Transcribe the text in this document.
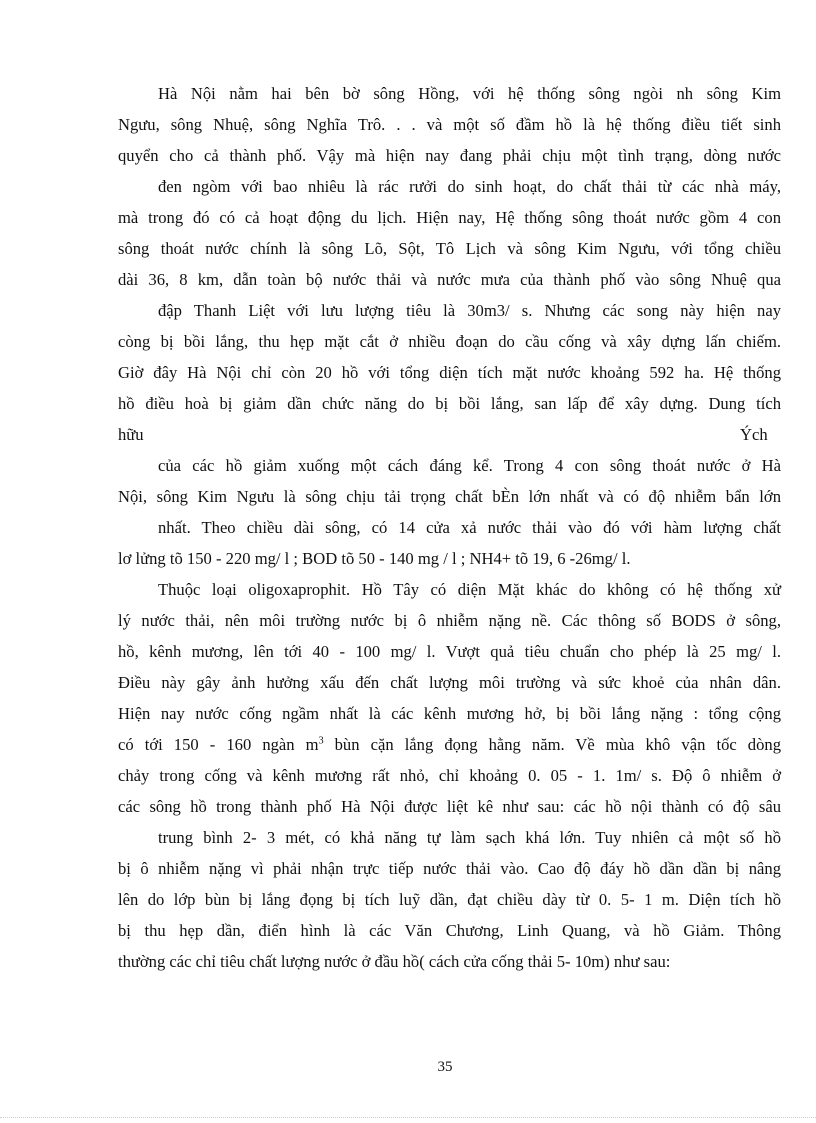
Hà Nội nằm hai bên bờ sông Hồng, với hệ thống sông ngòi nh sông Kim
Ngưu, sông Nhuệ, sông Nghĩa Trô. . . và một số đầm hồ là hệ thống điều tiết sinh
quyển cho cả thành phố. Vậy mà hiện nay đang phải chịu một tình trạng, dòng nước
đen ngòm với bao nhiêu là rác rưởi do sinh hoạt, do chất thải từ các nhà máy,
mà trong đó có cả hoạt động du lịch. Hiện nay, Hệ thống sông thoát nước gồm 4 con
sông thoát nước chính là sông Lõ, Sột, Tô Lịch và sông Kim Ngưu, với tổng chiều
dài 36, 8 km, dẫn toàn bộ nước thải và nước mưa của thành phố vào sông Nhuệ qua
đập Thanh Liệt với lưu lượng tiêu là 30m3/ s. Nhưng các song này hiện nay
còng bị bồi lắng, thu hẹp mặt cắt ở nhiều đoạn do cầu cống và xây dựng lấn chiếm.
Giờ đây Hà Nội chỉ còn 20 hồ với tổng diện tích mặt nước khoảng 592 ha. Hệ thống
hồ điều hoà bị giảm dần chức năng do bị bồi lắng, san lấp để xây dựng. Dung tích
hữu	Ých
của các hồ giảm xuống một cách đáng kể. Trong 4 con sông thoát nước ở Hà
Nội, sông Kim Ngưu là sông chịu tải trọng chất bÈn lớn nhất và có độ nhiễm bẩn lớn
nhất. Theo chiều dài sông, có 14 cửa xả nước thải vào đó với hàm lượng chất
lơ lửng tõ 150 - 220 mg/ l ; BOD tõ 50 - 140 mg / l ; NH4+ tõ 19, 6 -26mg/ l.
Thuộc loại oligoxaprophit. Hồ Tây có diện Mặt khác do không có hệ thống xử
lý nước thải, nên môi trường nước bị ô nhiễm nặng nề. Các thông số BODS ở sông,
hồ, kênh mương, lên tới 40 - 100 mg/ l. Vượt quả tiêu chuẩn cho phép là 25 mg/ l.
Điều này gây ảnh hưởng xấu đến chất lượng môi trường và sức khoẻ của nhân dân.
Hiện nay nước cống ngầm nhất là các kênh mương hở, bị bồi lắng nặng : tổng cộng
có tới 150 - 160 ngàn $m^3$ bùn cặn lắng đọng hằng năm. Về mùa khô vận tốc dòng
chảy trong cống và kênh mương rất nhỏ, chỉ khoảng 0. 05 - 1. 1m/ s. Độ ô nhiễm ở
các sông hồ trong thành phố Hà Nội được liệt kê như sau: các hồ nội thành có độ sâu
trung bình 2- 3 mét, có khả năng tự làm sạch khá lớn. Tuy nhiên cả một số hồ
bị ô nhiễm nặng vì phải nhận trực tiếp nước thải vào. Cao độ đáy hồ dần dần bị nâng
lên do lớp bùn bị lắng đọng bị tích luỹ dần, đạt chiều dày từ 0. 5- 1 m. Diện tích hồ
bị thu hẹp dần, điển hình là các Văn Chương, Linh Quang, và hồ Giảm. Thông
thường các chỉ tiêu chất lượng nước ở đầu hồ( cách cửa cống thải 5- 10m) như sau:
35
